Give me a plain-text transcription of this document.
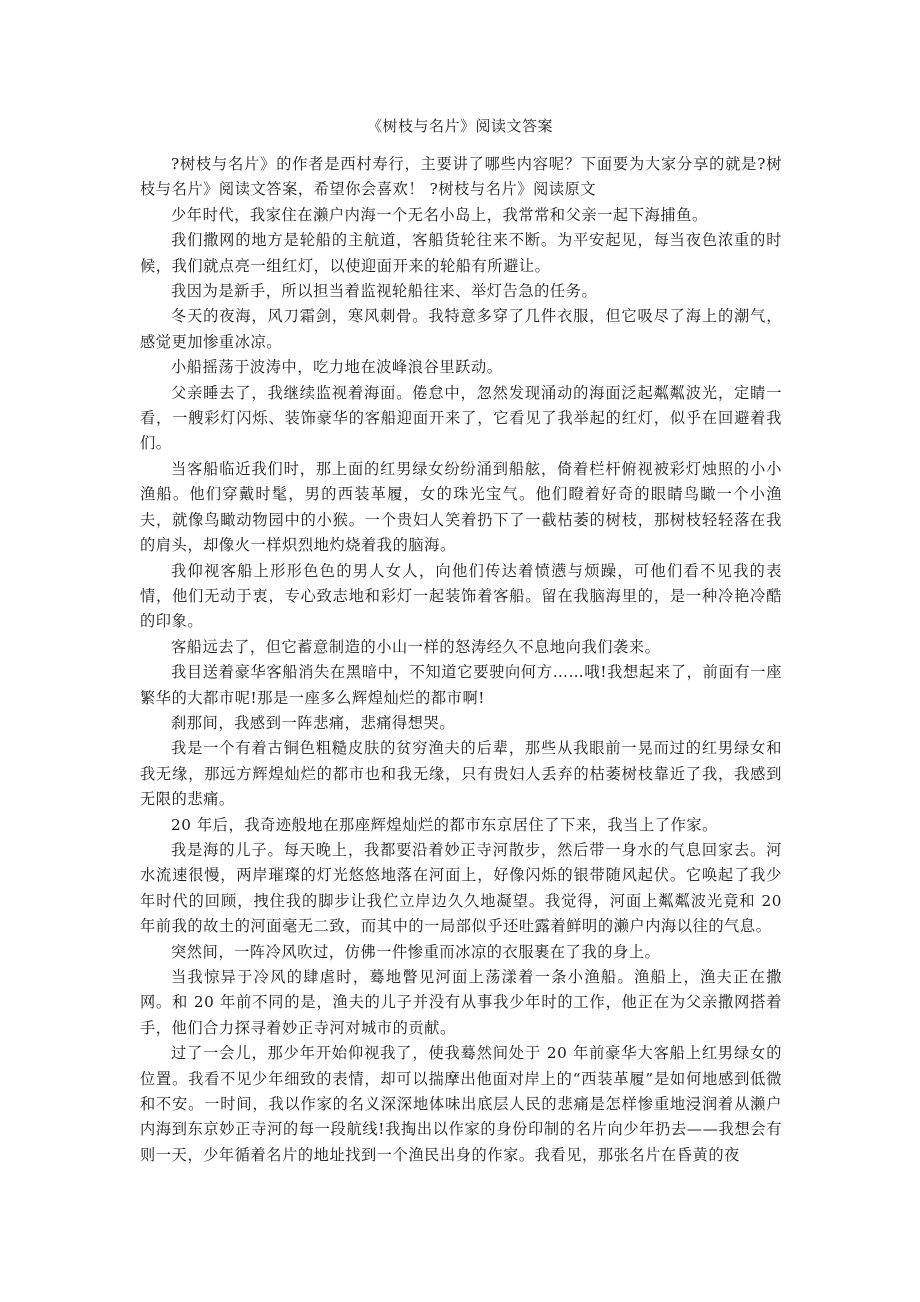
《树枝与名片》阅读文答案

?树枝与名片》的作者是西村寿行，主要讲了哪些内容呢？下面要为大家分享的就是?树枝与名片》阅读文答案，希望你会喜欢！ ?树枝与名片》阅读原文

少年时代，我家住在濑户内海一个无名小岛上，我常常和父亲一起下海捕鱼。

我们撒网的地方是轮船的主航道，客船货轮往来不断。为平安起见，每当夜色浓重的时候，我们就点亮一组红灯，以使迎面开来的轮船有所避让。

我因为是新手，所以担当着监视轮船往来、举灯告急的任务。

冬天的夜海，风刀霜剑，寒风刺骨。我特意多穿了几件衣服，但它吸尽了海上的潮气，感觉更加惨重冰凉。

小船摇荡于波涛中，吃力地在波峰浪谷里跃动。

父亲睡去了，我继续监视着海面。倦怠中，忽然发现涌动的海面泛起粼粼波光，定睛一看，一艘彩灯闪烁、装饰豪华的客船迎面开来了，它看见了我举起的红灯，似乎在回避着我们。

当客船临近我们时，那上面的红男绿女纷纷涌到船舷，倚着栏杆俯视被彩灯烛照的小小渔船。他们穿戴时髦，男的西装革履，女的珠光宝气。他们瞪着好奇的眼睛鸟瞰一个小渔夫，就像鸟瞰动物园中的小猴。一个贵妇人笑着扔下了一截枯萎的树枝，那树枝轻轻落在我的肩头，却像火一样炽烈地灼烧着我的脑海。

我仰视客船上形形色色的男人女人，向他们传达着愤懑与烦躁，可他们看不见我的表情，他们无动于衷，专心致志地和彩灯一起装饰着客船。留在我脑海里的，是一种冷艳冷酷的印象。

客船远去了，但它蓄意制造的小山一样的怒涛经久不息地向我们袭来。

我目送着豪华客船消失在黑暗中，不知道它要驶向何方……哦!我想起来了，前面有一座繁华的大都市呢!那是一座多么辉煌灿烂的都市啊!

刹那间，我感到一阵悲痛，悲痛得想哭。

我是一个有着古铜色粗糙皮肤的贫穷渔夫的后辈，那些从我眼前一晃而过的红男绿女和我无缘，那远方辉煌灿烂的都市也和我无缘，只有贵妇人丢弃的枯萎树枝靠近了我，我感到无限的悲痛。

20 年后，我奇迹般地在那座辉煌灿烂的都市东京居住了下来，我当上了作家。

我是海的儿子。每天晚上，我都要沿着妙正寺河散步，然后带一身水的气息回家去。河水流速很慢，两岸璀璨的灯光悠悠地落在河面上，好像闪烁的银带随风起伏。它唤起了我少年时代的回顾，拽住我的脚步让我伫立岸边久久地凝望。我觉得，河面上粼粼波光竟和 20 年前我的故土的河面毫无二致，而其中的一局部似乎还吐露着鲜明的濑户内海以往的气息。

突然间，一阵冷风吹过，仿佛一件惨重而冰凉的衣服裹在了我的身上。

当我惊异于冷风的肆虐时，蓦地瞥见河面上荡漾着一条小渔船。渔船上，渔夫正在撒网。和 20 年前不同的是，渔夫的儿子并没有从事我少年时的工作，他正在为父亲撒网搭着手，他们合力探寻着妙正寺河对城市的贡献。

过了一会儿，那少年开始仰视我了，使我蓦然间处于 20 年前豪华大客船上红男绿女的位置。我看不见少年细致的表情，却可以揣摩出他面对岸上的“西装革履”是如何地感到低微和不安。一时间，我以作家的名义深深地体味出底层人民的悲痛是怎样惨重地浸润着从濑户内海到东京妙正寺河的每一段航线!我掏出以作家的身份印制的名片向少年扔去——我想会有则一天，少年循着名片的地址找到一个渔民出身的作家。我看见，那张名片在昏黄的夜
